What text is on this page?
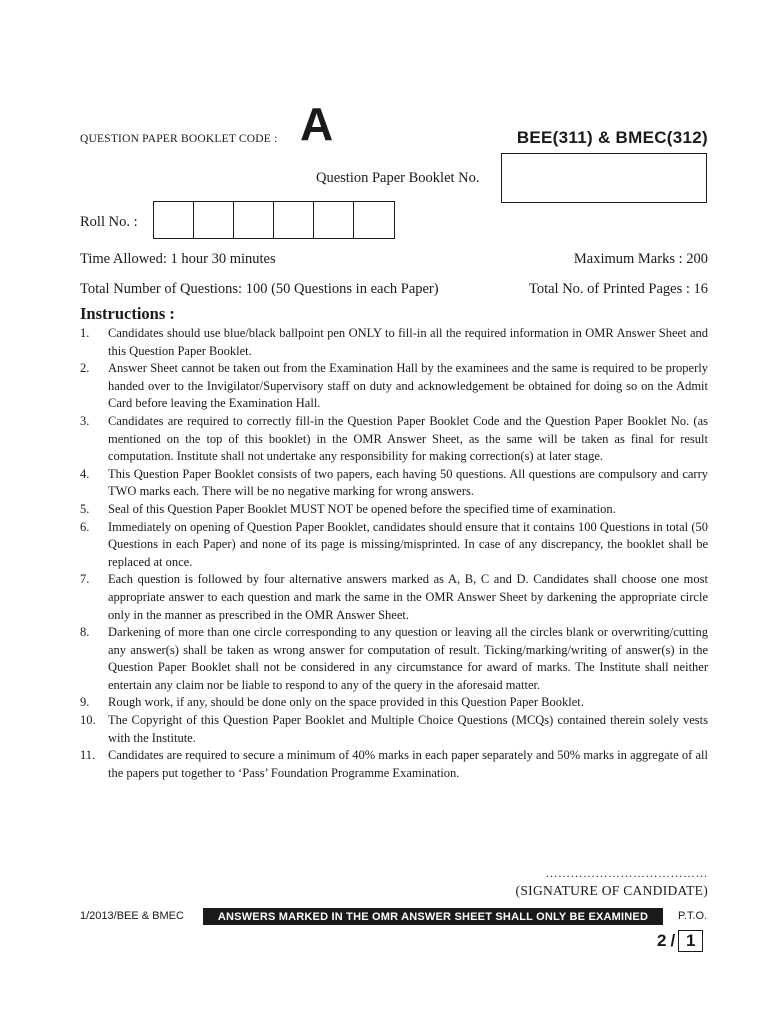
QUESTION PAPER BOOKLET CODE : A	BEE(311) & BMEC(312)
Question Paper Booklet No.
Roll No. :
Time Allowed: 1 hour 30 minutes	Maximum Marks : 200
Total Number of Questions: 100 (50 Questions in each Paper)	Total No. of Printed Pages : 16
Instructions :
1. Candidates should use blue/black ballpoint pen ONLY to fill-in all the required information in OMR Answer Sheet and this Question Paper Booklet.
2. Answer Sheet cannot be taken out from the Examination Hall by the examinees and the same is required to be properly handed over to the Invigilator/Supervisory staff on duty and acknowledgement be obtained for doing so on the Admit Card before leaving the Examination Hall.
3. Candidates are required to correctly fill-in the Question Paper Booklet Code and the Question Paper Booklet No. (as mentioned on the top of this booklet) in the OMR Answer Sheet, as the same will be taken as final for result computation. Institute shall not undertake any responsibility for making correction(s) at later stage.
4. This Question Paper Booklet consists of two papers, each having 50 questions. All questions are compulsory and carry TWO marks each. There will be no negative marking for wrong answers.
5. Seal of this Question Paper Booklet MUST NOT be opened before the specified time of examination.
6. Immediately on opening of Question Paper Booklet, candidates should ensure that it contains 100 Questions in total (50 Questions in each Paper) and none of its page is missing/misprinted. In case of any discrepancy, the booklet shall be replaced at once.
7. Each question is followed by four alternative answers marked as A, B, C and D. Candidates shall choose one most appropriate answer to each question and mark the same in the OMR Answer Sheet by darkening the appropriate circle only in the manner as prescribed in the OMR Answer Sheet.
8. Darkening of more than one circle corresponding to any question or leaving all the circles blank or overwriting/cutting any answer(s) shall be taken as wrong answer for computation of result. Ticking/marking/writing of answer(s) in the Question Paper Booklet shall not be considered in any circumstance for award of marks. The Institute shall neither entertain any claim nor be liable to respond to any of the query in the aforesaid matter.
9. Rough work, if any, should be done only on the space provided in this Question Paper Booklet.
10. The Copyright of this Question Paper Booklet and Multiple Choice Questions (MCQs) contained therein solely vests with the Institute.
11. Candidates are required to secure a minimum of 40% marks in each paper separately and 50% marks in aggregate of all the papers put together to ‘Pass’ Foundation Programme Examination.
…………………………………
(SIGNATURE OF CANDIDATE)
1/2013/BEE & BMEC	ANSWERS MARKED IN THE OMR ANSWER SHEET SHALL ONLY BE EXAMINED	P.T.O.
2 / 1
